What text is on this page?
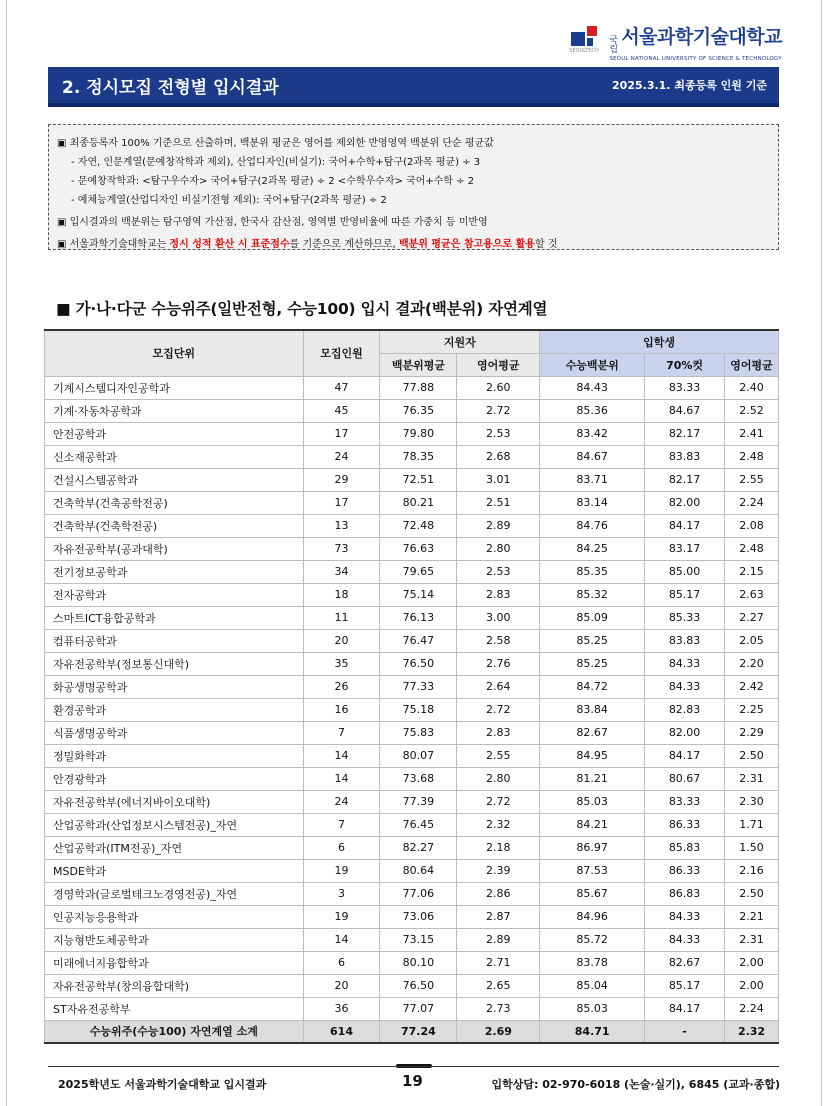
SEOULTECH
국립
서울과학기술대학교
SEOUL NATIONAL UNIVERSITY OF SCIENCE & TECHNOLOGY
2. 정시모집 전형별 입시결과	2025.3.1. 최종등록 인원 기준
▣ 최종등록자 100% 기준으로 산출하며, 백분위 평균은 영어를 제외한 반영영역 백분위 단순 평균값
- 자연, 인문계열(문예창작학과 제외), 산업디자인(비실기): 국어+수학+탐구(2과목 평균) ÷ 3
- 문예창작학과: <탐구우수자> 국어+탐구(2과목 평균) ÷ 2 <수학우수자> 국어+수학 ÷ 2
- 예체능계열(산업디자인 비실기전형 제외): 국어+탐구(2과목 평균) ÷ 2
▣ 입시결과의 백분위는 탐구영역 가산점, 한국사 감산점, 영역별 반영비율에 따른 가중치 등 미반영
▣ 서울과학기술대학교는 정시 성적 환산 시 표준점수를 기준으로 계산하므로, 백분위 평균은 참고용으로 활용할 것
■ 가·나·다군 수능위주(일반전형, 수능100) 입시 결과(백분위) 자연계열
모집단위	모집인원	지원자		입학생		
		백분위평균	영어평균	수능백분위	70%컷	영어평균
기계시스템디자인공학과	47	77.88	2.60	84.43	83.33	2.40
기계·자동차공학과	45	76.35	2.72	85.36	84.67	2.52
안전공학과	17	79.80	2.53	83.42	82.17	2.41
신소재공학과	24	78.35	2.68	84.67	83.83	2.48
건설시스템공학과	29	72.51	3.01	83.71	82.17	2.55
건축학부(건축공학전공)	17	80.21	2.51	83.14	82.00	2.24
건축학부(건축학전공)	13	72.48	2.89	84.76	84.17	2.08
자유전공학부(공과대학)	73	76.63	2.80	84.25	83.17	2.48
전기정보공학과	34	79.65	2.53	85.35	85.00	2.15
전자공학과	18	75.14	2.83	85.32	85.17	2.63
스마트ICT융합공학과	11	76.13	3.00	85.09	85.33	2.27
컴퓨터공학과	20	76.47	2.58	85.25	83.83	2.05
자유전공학부(정보통신대학)	35	76.50	2.76	85.25	84.33	2.20
화공생명공학과	26	77.33	2.64	84.72	84.33	2.42
환경공학과	16	75.18	2.72	83.84	82.83	2.25
식품생명공학과	7	75.83	2.83	82.67	82.00	2.29
정밀화학과	14	80.07	2.55	84.95	84.17	2.50
안경광학과	14	73.68	2.80	81.21	80.67	2.31
자유전공학부(에너지바이오대학)	24	77.39	2.72	85.03	83.33	2.30
산업공학과(산업정보시스템전공)_자연	7	76.45	2.32	84.21	86.33	1.71
산업공학과(ITM전공)_자연	6	82.27	2.18	86.97	85.83	1.50
MSDE학과	19	80.64	2.39	87.53	86.33	2.16
경영학과(글로벌테크노경영전공)_자연	3	77.06	2.86	85.67	86.83	2.50
인공지능응용학과	19	73.06	2.87	84.96	84.33	2.21
지능형반도체공학과	14	73.15	2.89	85.72	84.33	2.31
미래에너지융합학과	6	80.10	2.71	83.78	82.67	2.00
자유전공학부(창의융합대학)	20	76.50	2.65	85.04	85.17	2.00
ST자유전공학부	36	77.07	2.73	85.03	84.17	2.24
수능위주(수능100) 자연계열 소계	614	77.24	2.69	84.71	-	2.32
2025학년도 서울과학기술대학교 입시결과	19	입학상담: 02-970-6018 (논술·실기), 6845 (교과·종합)
